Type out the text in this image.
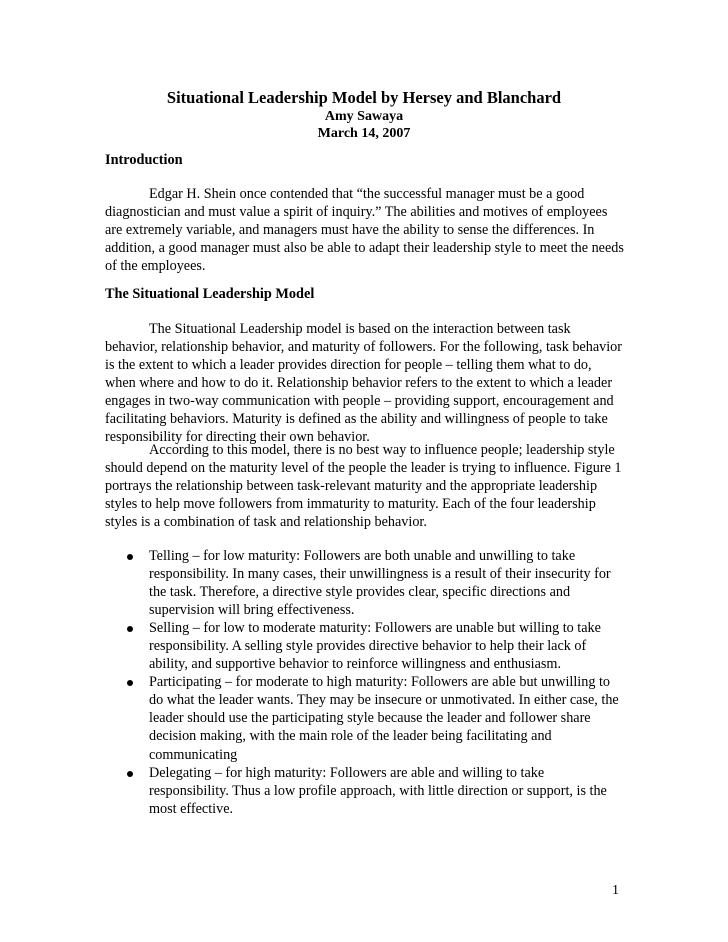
Situational Leadership Model by Hersey and Blanchard

Amy Sawaya

March 14, 2007

Introduction

Edgar H. Shein once contended that “the successful manager must be a good diagnostician and must value a spirit of inquiry.” The abilities and motives of employees are extremely variable, and managers must have the ability to sense the differences. In addition, a good manager must also be able to adapt their leadership style to meet the needs of the employees.

The Situational Leadership Model

The Situational Leadership model is based on the interaction between task behavior, relationship behavior, and maturity of followers. For the following, task behavior is the extent to which a leader provides direction for people – telling them what to do, when where and how to do it. Relationship behavior refers to the extent to which a leader engages in two-way communication with people – providing support, encouragement and facilitating behaviors. Maturity is defined as the ability and willingness of people to take responsibility for directing their own behavior.

According to this model, there is no best way to influence people; leadership style should depend on the maturity level of the people the leader is trying to influence. Figure 1 portrays the relationship between task-relevant maturity and the appropriate leadership styles to help move followers from immaturity to maturity. Each of the four leadership styles is a combination of task and relationship behavior.

Telling – for low maturity: Followers are both unable and unwilling to take responsibility. In many cases, their unwillingness is a result of their insecurity for the task. Therefore, a directive style provides clear, specific directions and supervision will bring effectiveness.
Selling – for low to moderate maturity: Followers are unable but willing to take responsibility. A selling style provides directive behavior to help their lack of ability, and supportive behavior to reinforce willingness and enthusiasm.
Participating – for moderate to high maturity: Followers are able but unwilling to do what the leader wants. They may be insecure or unmotivated. In either case, the leader should use the participating style because the leader and follower share decision making, with the main role of the leader being facilitating and communicating
Delegating – for high maturity: Followers are able and willing to take responsibility. Thus a low profile approach, with little direction or support, is the most effective.
1
